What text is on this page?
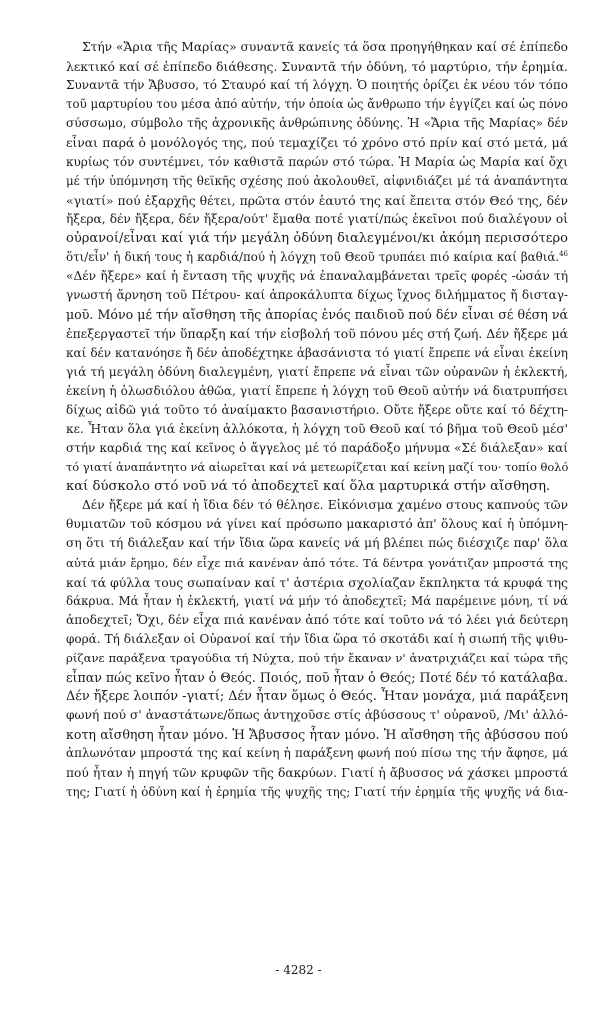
Στήν «Ἄρια τῆς Μαρίας» συναντᾶ κανείς τά ὅσα προηγήθηκαν καί σέ ἐπίπεδο
λεκτικό καί σέ ἐπίπεδο διάθεσης. Συναντᾶ τήν ὀδύνη, τό μαρτύριο, τήν ἐρημία.
Συναντᾶ τήν Ἄβυσσο, τό Σταυρό καί τή λόγχη. Ὁ ποιητής ὁρίζει ἐκ νέου τόν τόπο
τοῦ μαρτυρίου του μέσα ἀπό αὐτήν, τήν ὁποία ὡς ἄνθρωπο τήν ἐγγίζει καί ὡς πόνο
σύσσωμο, σύμβολο τῆς ἀχρονικῆς ἀνθρώπινης ὀδύνης. Ἡ «Ἄρια τῆς Μαρίας» δέν
εἶναι παρά ὁ μονόλογός της, πού τεμαχίζει τό χρόνο στό πρίν καί στό μετά, μά
κυρίως τόν συντέμνει, τόν καθιστᾶ παρών στό τώρα. Ἡ Μαρία ὡς Μαρία καί ὄχι
μέ τήν ὑπόμνηση τῆς θεϊκῆς σχέσης πού ἀκολουθεῖ, αἰφνιδιάζει μέ τά ἀναπάντητα
«γιατί» πού ἐξαρχῆς θέτει, πρῶτα στόν ἑαυτό της καί ἔπειτα στόν Θεό της, δέν
ἤξερα, δέν ἤξερα, δέν ἤξερα/ούτ' ἔμαθα ποτέ γιατί/πώς ἐκεῖνοι πού διαλέγουν οἱ
οὐρανοί/εἶναι καί γιά τήν μεγάλη ὀδύνη διαλεγμένοι/κι ἀκόμη περισσότερο
ὅτι/εἶν' ἡ δική τους ἡ καρδιά/πού ἡ λόγχη τοῦ Θεοῦ τρυπάει πιό καίρια καί βαθιά.$^{46}$
«Δέν ἤξερε» καί ἡ ἔνταση τῆς ψυχῆς νά ἐπαναλαμβάνεται τρεῖς φορές -ὡσάν τή
γνωστή ἄρνηση τοῦ Πέτρου- καί ἀπροκάλυπτα δίχως ἴχνος διλήμματος ἤ δισταγ-
μοῦ. Μόνο μέ τήν αἴσθηση τῆς ἀπορίας ἑνός παιδιοῦ πού δέν εἶναι σέ θέση νά
ἐπεξεργαστεῖ τήν ὕπαρξη καί τήν εἰσβολή τοῦ πόνου μές στή ζωή. Δέν ἤξερε μά
καί δέν κατανόησε ἤ δέν ἀποδέχτηκε ἀβασάνιστα τό γιατί ἔπρεπε νά εἶναι ἐκείνη
γιά τή μεγάλη ὀδύνη διαλεγμένη, γιατί ἔπρεπε νά εἶναι τῶν οὐρανῶν ἡ ἐκλεκτή,
ἐκείνη ἡ ὁλωσδιόλου ἀθῶα, γιατί ἔπρεπε ἡ λόγχη τοῦ Θεοῦ αὐτήν νά διατρυπήσει
δίχως αἰδῶ γιά τοῦτο τό ἀναίμακτο βασανιστήριο. Οὔτε ἤξερε οὔτε καί τό δέχτη-
κε. Ἦταν ὅλα γιά ἐκείνη ἀλλόκοτα, ἡ λόγχη τοῦ Θεοῦ καί τό βῆμα τοῦ Θεοῦ μέσ'
στήν καρδιά της καί κεῖνος ὁ ἄγγελος μέ τό παράδοξο μήνυμα «Σέ διάλεξαν» καί
τό γιατί ἀναπάντητο νά αἰωρεῖται καί νά μετεωρίζεται καί κείνη μαζί του· τοπίο θολό
καί δύσκολο στό νοῦ νά τό ἀποδεχτεῖ καί ὅλα μαρτυρικά στήν αἴσθηση.
Δέν ἤξερε μά καί ἡ ἴδια δέν τό θέλησε. Εἰκόνισμα χαμένο στους καπνούς τῶν
θυμιατῶν τοῦ κόσμου νά γίνει καί πρόσωπο μακαριστό ἀπ' ὅλους καί ἡ ὑπόμνη-
ση ὅτι τή διάλεξαν καί τήν ἴδια ὥρα κανείς νά μή βλέπει πώς διέσχιζε παρ' ὅλα
αὐτά μιάν ἔρημο, δέν εἶχε πιά κανέναν ἀπό τότε. Τά δέντρα γονάτιζαν μπροστά της
καί τά φύλλα τους σωπαίναν καί τ' ἀστέρια σχολίαζαν ἔκπληκτα τά κρυφά της
δάκρυα. Μά ἦταν ἡ ἐκλεκτή, γιατί νά μήν τό ἀποδεχτεῖ; Μά παρέμεινε μόνη, τί νά
ἀποδεχτεῖ; Ὄχι, δέν εἶχα πιά κανέναν ἀπό τότε καί τοῦτο νά τό λέει γιά δεύτερη
φορά. Τή διάλεξαν οἱ Οὐρανοί καί τήν ἴδια ὥρα τό σκοτάδι καί ἡ σιωπή τῆς ψιθυ-
ρίζανε παράξενα τραγούδια τή Νύχτα, πού τήν ἔκαναν ν' ἀνατριχιάζει καί τώρα τῆς
εἶπαν πώς κεῖνο ἦταν ὁ Θεός. Ποιός, ποῦ ἦταν ὁ Θεός; Ποτέ δέν τό κατάλαβα.
Δέν ἤξερε λοιπόν -γιατί; Δέν ἦταν ὅμως ὁ Θεός. Ἦταν μονάχα, μιά παράξενη
φωνή πού σ' ἀναστάτωνε/ὅπως ἀντηχοῦσε στίς ἀβύσσους τ' οὐρανοῦ, /Μι' ἀλλό-
κοτη αἴσθηση ἦταν μόνο. Ἡ Ἄβυσσος ἦταν μόνο. Ἡ αἴσθηση τῆς ἀβύσσου πού
ἁπλωνόταν μπροστά της καί κείνη ἡ παράξενη φωνή πού πίσω της τήν ἄφησε, μά
πού ἦταν ἡ πηγή τῶν κρυφῶν τῆς δακρύων. Γιατί ἡ ἄβυσσος νά χάσκει μπροστά
της; Γιατί ἡ ὀδύνη καί ἡ ἐρημία τῆς ψυχῆς της; Γιατί τήν ἐρημία τῆς ψυχῆς νά δια-
- 4282 -
